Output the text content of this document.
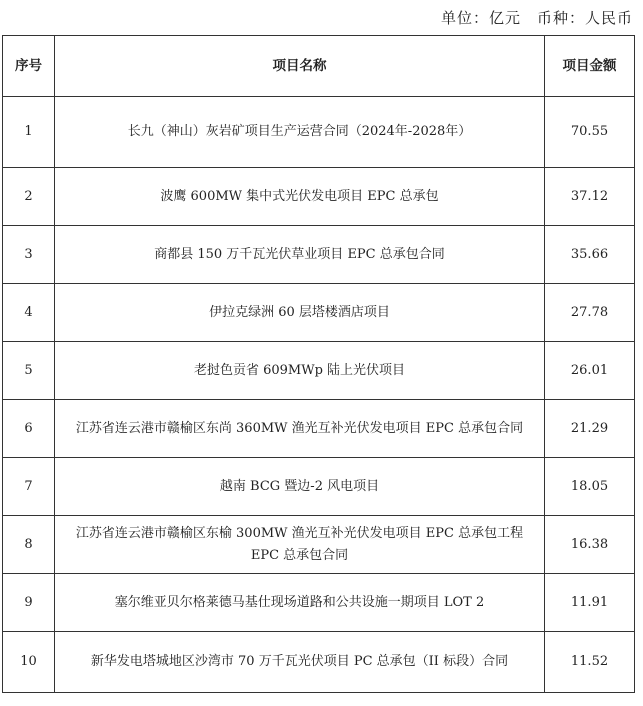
单位：亿元 币种：人民币
序号	项目名称	项目金额
1	长九（神山）灰岩矿项目生产运营合同（2024年-2028年）	70.55
2	波鹰 600MW 集中式光伏发电项目 EPC 总承包	37.12
3	商都县 150 万千瓦光伏草业项目 EPC 总承包合同	35.66
4	伊拉克绿洲 60 层塔楼酒店项目	27.78
5	老挝色贡省 609MWp 陆上光伏项目	26.01
6	江苏省连云港市赣榆区东尚 360MW 渔光互补光伏发电项目 EPC 总承包合同	21.29
7	越南 BCG 暨边-2 风电项目	18.05
8	江苏省连云港市赣榆区东榆 300MW 渔光互补光伏发电项目 EPC 总承包工程 EPC 总承包合同	16.38
9	塞尔维亚贝尔格莱德马基仕现场道路和公共设施一期项目 LOT 2	11.91
10	新华发电塔城地区沙湾市 70 万千瓦光伏项目 PC 总承包（II 标段）合同	11.52
